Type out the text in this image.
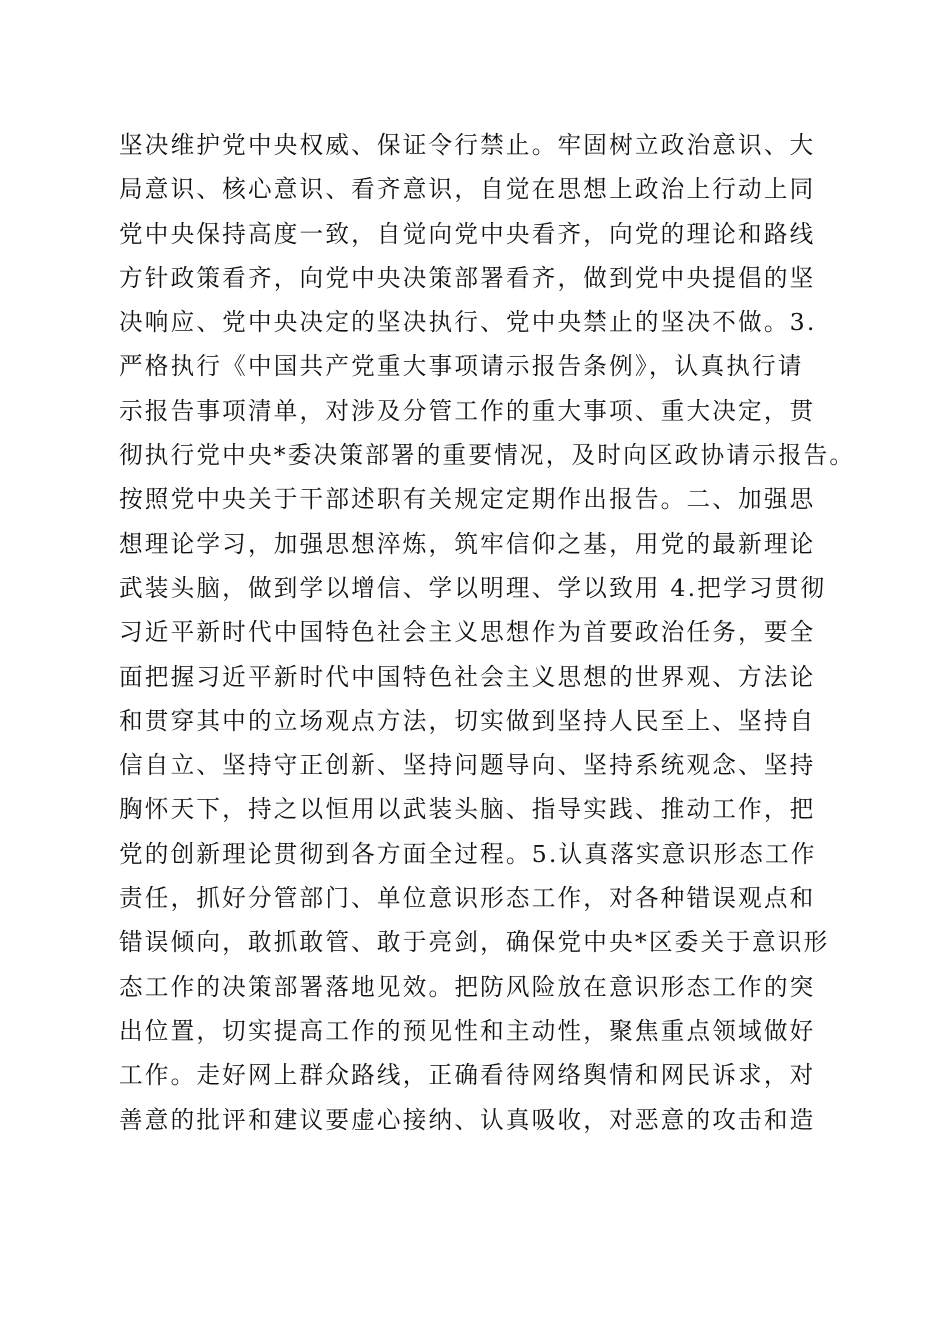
坚决维护党中央权威、保证令行禁止。牢固树立政治意识、大
局意识、核心意识、看齐意识，自觉在思想上政治上行动上同
党中央保持高度一致，自觉向党中央看齐，向党的理论和路线
方针政策看齐，向党中央决策部署看齐，做到党中央提倡的坚
决响应、党中央决定的坚决执行、党中央禁止的坚决不做。3.
严格执行《中国共产党重大事项请示报告条例》，认真执行请
示报告事项清单，对涉及分管工作的重大事项、重大决定，贯
彻执行党中央*委决策部署的重要情况，及时向区政协请示报告。
按照党中央关于干部述职有关规定定期作出报告。二、加强思
想理论学习，加强思想淬炼，筑牢信仰之基，用党的最新理论
武装头脑，做到学以增信、学以明理、学以致用 4.把学习贯彻
习近平新时代中国特色社会主义思想作为首要政治任务，要全
面把握习近平新时代中国特色社会主义思想的世界观、方法论
和贯穿其中的立场观点方法，切实做到坚持人民至上、坚持自
信自立、坚持守正创新、坚持问题导向、坚持系统观念、坚持
胸怀天下，持之以恒用以武装头脑、指导实践、推动工作，把
党的创新理论贯彻到各方面全过程。5.认真落实意识形态工作
责任，抓好分管部门、单位意识形态工作，对各种错误观点和
错误倾向，敢抓敢管、敢于亮剑，确保党中央*区委关于意识形
态工作的决策部署落地见效。把防风险放在意识形态工作的突
出位置，切实提高工作的预见性和主动性，聚焦重点领域做好
工作。走好网上群众路线，正确看待网络舆情和网民诉求，对
善意的批评和建议要虚心接纳、认真吸收，对恶意的攻击和造
